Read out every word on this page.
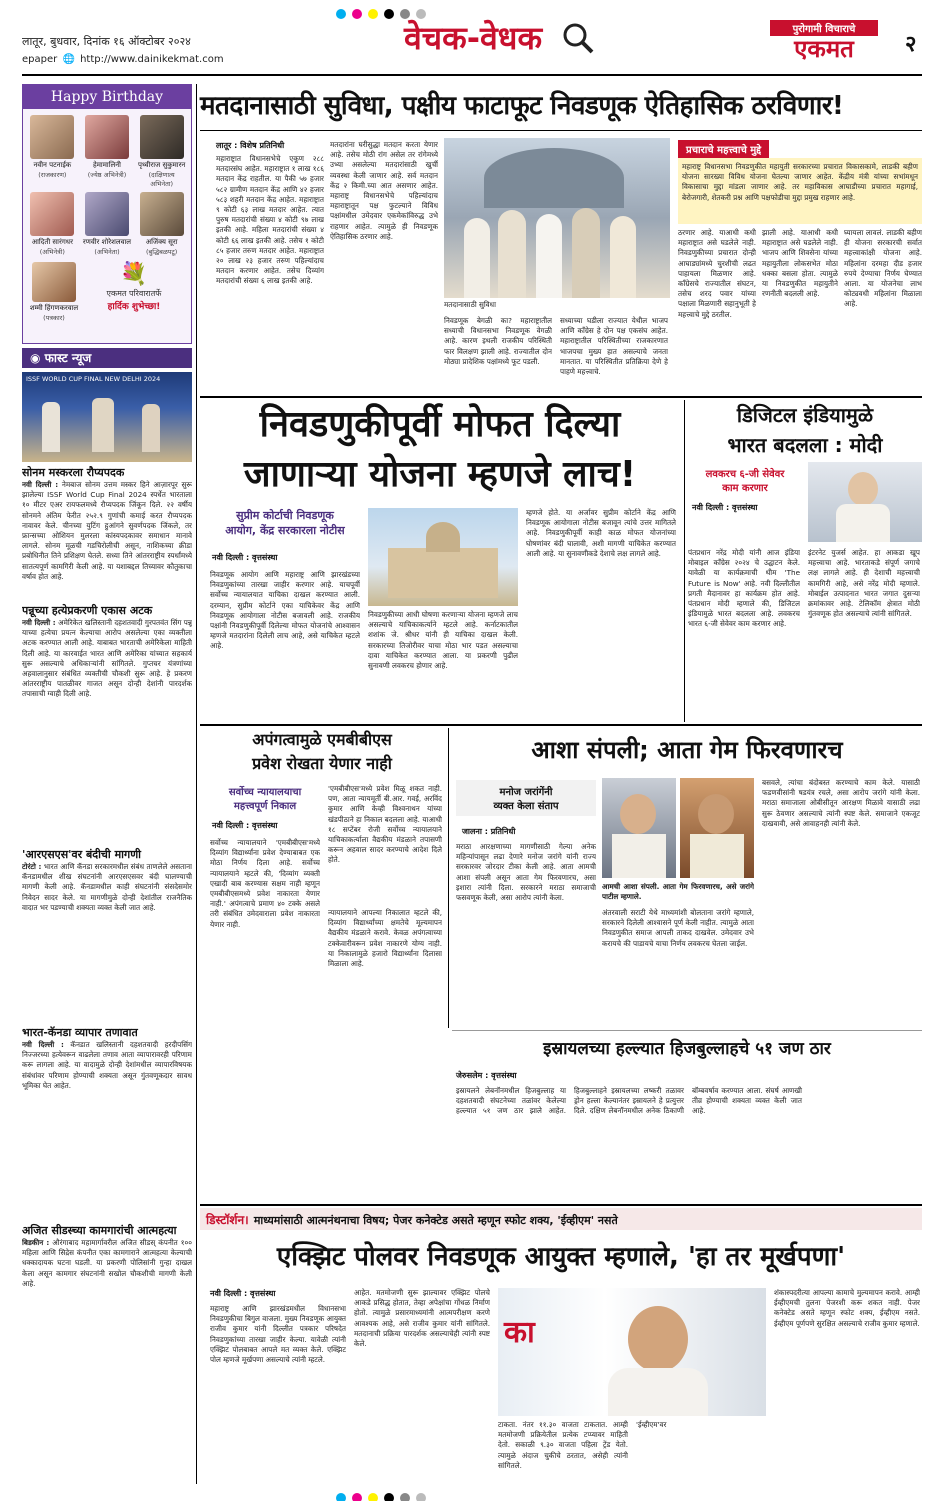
लातूर, बुधवार, दिनांक १६ ऑक्टोबर २०२४
epaper 🌐 http://www.dainikekmat.com
वेचक-वेधक	पुरोगामी विचाराचे
एकमत	२
Happy Birthday
नवीन पटनाईक
(राजकारण)
हेमामालिनी
(ज्येष्ठ अभिनेत्री)
पृथ्वीराज सुकुमारन
(दाक्षिणात्य अभिनेता)
आदिती सारंगधर
(अभिनेत्री)
रणवीर शोरेशलवाल
(अभिनेता)
अजिंक्य सूरा
(बुद्धिबळपटू)
शम्मी हिंगणकरवाल
(पत्रकार)
💐
एकमत परिवारातर्फे
हार्दिक शुभेच्छा!
◉ फास्ट न्यूज
ISSF WORLD CUP FINAL NEW DELHI 2024
सोनम मस्करला रौप्यपदक
नवी दिल्ली : नेमबाज सोनम उत्तम मस्कर हिने आज़ारपूर सुरू झालेल्या ISSF World Cup Final 2024 स्पर्धेत भारताला १० मीटर एअर रायफलमध्ये रौप्यपदक जिंकून दिले. २२ वर्षीय सोनमने अंतिम फेरीत २५२.९ गुणांची कमाई करत रौप्यपदक नावावर केले. चीनच्या युटिंग हुआंगने सुवर्णपदक जिंकले, तर फ्रान्सच्या ओशियन मुलरला कांस्यपदकावर समाधान मानावे लागले. सोनम मूळची गडचिरोलीची असून, नाशिकच्या क्रीडा प्रबोधिनीत तिने प्रशिक्षण घेतले. सध्या तिने आंतरराष्ट्रीय स्पर्धांमध्ये सातत्यपूर्ण कामगिरी केली आहे. या यशाबद्दल तिच्यावर कौतुकाचा वर्षाव होत आहे.
पन्नूच्या हत्येप्रकरणी एकास अटक
नवी दिल्ली : अमेरिकेत खलिस्तानी दहशतवादी गुरपतवंत सिंग पन्नू याच्या हत्येचा प्रयत्न केल्याचा आरोप असलेल्या एका व्यक्तीला अटक करण्यात आली आहे. याबाबत भारताची अमेरिकेला माहिती दिली आहे. या कारवाईत भारत आणि अमेरिका यांच्यात सहकार्य सुरू असल्याचे अधिकाऱ्यांनी सांगितले. गुप्तचर यंत्रणांच्या अहवालानुसार संबंधित व्यक्तीची चौकशी सुरू आहे. हे प्रकरण आंतरराष्ट्रीय पातळीवर गाजत असून दोन्ही देशांनी पारदर्शक तपासाची ग्वाही दिली आहे.
'आरएसएस'वर बंदीची मागणी
टोरंटो : भारत आणि कॅनडा सरकारमधील संबंध ताणलेले असताना कॅनडामधील शीख संघटनांनी आरएसएसवर बंदी घालण्याची मागणी केली आहे. कॅनडामधील काही संघटनांनी संसदेसमोर निवेदन सादर केले. या मागणीमुळे दोन्ही देशांतील राजनैतिक वादात भर पडण्याची शक्यता व्यक्त केली जात आहे.
भारत-कॅनडा व्यापार तणावात
नवी दिल्ली : कॅनडात खलिस्तानी दहशतवादी हरदीपसिंग निज्जरच्या हत्येवरून वाढलेला तणाव आता व्यापारावरही परिणाम करू लागला आहे. या वादामुळे दोन्ही देशांमधील व्यापारविषयक संबंधांवर परिणाम होण्याची शक्यता असून गुंतवणूकदार सावध भूमिका घेत आहेत.
अजित सीडस्च्या कामगारांची आत्महत्या
बिडकीन : औरंगाबाद महामार्गावरील अजित सीडस् कंपनीत १०० महिला आणि सिद्रेस कंपनीत एका कामगाराने आत्महत्या केल्याची धक्कादायक घटना घडली. या प्रकरणी पोलिसांनी गुन्हा दाखल केला असून कामगार संघटनांनी सखोल चौकशीची मागणी केली आहे.
मतदानासाठी सुविधा, पक्षीय फाटाफूट निवडणूक ऐतिहासिक ठरविणार!
लातूर : विशेष प्रतिनिधी
महाराष्ट्रात विधानसभेचे एकूण २८८ मतदारसंघ आहेत. महाराष्ट्रात १ लाख १८६ मतदान केंद्र राहतील. या पैकी ५७ हजार ५८२ ग्रामीण मतदान केंद्र आणि ४२ हजार ५८३ शहरी मतदान केंद्र आहेत. महाराष्ट्रात ९ कोटी ६३ लाख मतदार आहेत. त्यात पुरुष मतदारांची संख्या ४ कोटी ९७ लाख इतकी आहे. महिला मतदारांची संख्या ४ कोटी ६६ लाख इतकी आहे. तसेच १ कोटी ८५ हजार तरुण मतदार आहेत. महाराष्ट्रात २० लाख २३ हजार तरुण पहिल्यांदाच मतदान करणार आहेत. तसेच दिव्यांग मतदारांची संख्या ६ लाख इतकी आहे.
मतदारांना घरीसुद्धा मतदान करता येणार आहे. तसेच मोठी रांग असेल तर रांगेमध्ये उभ्या असलेल्या मतदारांसाठी खुर्ची व्यवस्था केली जाणार आहे. सर्व मतदान केंद्र २ किमी.च्या आत असणार आहेत. महाराष्ट्र विधानसभेचे पहिल्यांदाच महाराष्ट्रातून पक्ष फुटल्याने विविध पक्षांमधील उमेदवार एकमेकांविरुद्ध उभे राहणार आहेत. त्यामुळे ही निवडणूक ऐतिहासिक ठरणार आहे.
मतदानासाठी सुविधा
निवडणूक बेगळी का? महाराष्ट्रातील सध्याची विधानसभा निवडणूक वेगळी आहे. कारण इथली राजकीय परिस्थिती फार विलक्षण झाली आहे. राज्यातील दोन मोठ्या प्रादेशिक पक्षांमध्ये फूट पडली.
सध्याच्या घडीला राज्यात येथील भाजप आणि काँग्रेस हे दोन पक्ष एकसंघ आहेत. महाराष्ट्रातील परिस्थितीच्या राजकारणात भाजपचा मुख्य हात असल्याचे जनता मानतात. या परिस्थितीत प्रतिक्रिया देणे हे पाहणे महत्त्वाचे.
प्रचाराचे महत्त्वाचे मुद्दे
महाराष्ट्र विधानसभा निवडणुकीत महायुती सरकारच्या प्रचारात विकासकामे, लाडकी बहीण योजना सारख्या विविध योजना घेतल्या जाणार आहेत. केंद्रीय मंत्री यांच्या सभांमधून विकासाचा मुद्दा मांडला जाणार आहे. तर महाविकास आघाडीच्या प्रचारात महागाई, बेरोजगारी, शेतकरी प्रश्न आणि पक्षफोडीचा मुद्दा प्रमुख राहणार आहे.
ठरणार आहे. याआधी कधी महाराष्ट्रात असे घडलेले नाही. निवडणुकीच्या प्रचारात दोन्ही आघाड्यांमध्ये चुरशीची लढत पाहायला मिळणार आहे. काँग्रेसचे राज्यातील संघटन, तसेच शरद पवार यांच्या पक्षाला मिळणारी सहानुभूती हे महत्त्वाचे मुद्दे ठरतील.
झाली आहे. याआधी कधी महाराष्ट्रात असे घडलेले नाही. भाजप आणि शिवसेना यांच्या महायुतीला लोकसभेत मोठा धक्का बसला होता. त्यामुळे या निवडणुकीत महायुतीने रणनीती बदलली आहे.
घ्यायला लावलं. लाडकी बहीण ही योजना सरकारची सर्वात महत्त्वाकांक्षी योजना आहे. महिलांना दरमहा दीड हजार रुपये देण्याचा निर्णय घेण्यात आला. या योजनेचा लाभ कोट्यवधी महिलांना मिळाला आहे.
निवडणुकीपूर्वी मोफत दिल्या
जाणाऱ्या योजना म्हणजे लाच!
सुप्रीम कोर्टाची निवडणूक
आयोग, केंद्र सरकारला नोटीस
नवी दिल्ली : वृत्तसंस्था
निवडणूक आयोग आणि महाराष्ट्र आणि झारखंडच्या निवडणुकांच्या तारखा जाहीर करणार आहे. याचपूर्वी सर्वोच्च न्यायालयात याचिका दाखल करण्यात आली. दरम्यान, सुप्रीम कोर्टाने एका याचिकेवर केंद्र आणि निवडणूक आयोगाला नोटीस बजावली आहे. राजकीय पक्षांनी निवडणुकीपूर्वी दिलेल्या मोफत योजनांचे आश्वासन म्हणजे मतदारांना दिलेली लाच आहे, असे याचिकेत म्हटले आहे.
निवडणुकीच्या आधी घोषणा करणाऱ्या योजना म्हणजे लाच असल्याचे याचिकाकर्त्याने म्हटले आहे. कर्नाटकातील शशांक जे. श्रीधर यांनी ही याचिका दाखल केली. सरकारच्या तिजोरीवर याचा मोठा भार पडत असल्याचा दावा याचिकेत करण्यात आला. या प्रकरणी पुढील सुनावणी लवकरच होणार आहे.
म्हणजे होते. या अर्जावर सुप्रीम कोर्टाने केंद्र आणि निवडणूक आयोगाला नोटीस बजावून त्यांचे उत्तर मागितले आहे. निवडणुकीपूर्वी काही काळ मोफत योजनांच्या घोषणांवर बंदी घालावी, अशी मागणी याचिकेत करण्यात आली आहे. या सुनावणीकडे देशाचे लक्ष लागले आहे.
डिजिटल इंडियामुळे
भारत बदलला : मोदी
लवकरच ६-जी सेवेवर
काम करणार
नवी दिल्ली : वृत्तसंस्था
पंतप्रधान नरेंद्र मोदी यांनी आज इंडिया मोबाइल काँग्रेस २०२४ चे उद्घाटन केले. यावेळी या कार्यक्रमाची थीम 'The Future is Now' आहे. नवी दिल्लीतील प्रगती मैदानावर हा कार्यक्रम होत आहे. पंतप्रधान मोदी म्हणाले की, डिजिटल इंडियामुळे भारत बदलला आहे. लवकरच भारत ६-जी सेवेवर काम करणार आहे.
इंटरनेट युजर्स आहेत. हा आकडा खूप महत्त्वाचा आहे. भारताकडे संपूर्ण जगाचे लक्ष लागले आहे. ही देशाची महत्त्वाची कामगिरी आहे, असे नरेंद्र मोदी म्हणाले. मोबाईल उत्पादनात भारत जगात दुसऱ्या क्रमांकावर आहे. टेलिकॉम क्षेत्रात मोठी गुंतवणूक होत असल्याचे त्यांनी सांगितले.
अपंगत्वामुळे एमबीबीएस
प्रवेश रोखता येणार नाही
सर्वोच्च न्यायालयाचा
महत्त्वपूर्ण निकाल
नवी दिल्ली : वृत्तसंस्था
सर्वोच्च न्यायालयाने 'एमबीबीएस'मध्ये दिव्यांग विद्यार्थ्यांना प्रवेश देण्याबाबत एक मोठा निर्णय दिला आहे. सर्वोच्च न्यायालयाने म्हटले की, 'दिव्यांग व्यक्ती एखादी बाब करण्यास सक्षम नाही म्हणून एमबीबीएसमध्ये प्रवेश नाकारता येणार नाही.' अपंगत्वाचे प्रमाण ४० टक्के असले तरी संबंधित उमेदवाराला प्रवेश नाकारता येणार नाही.
'एमबीबीएस'मध्ये प्रवेश मिळू शकत नाही. पण, आता न्यायमूर्ती बी.आर. गवई, अरविंद कुमार आणि केव्ही विश्वनाथन यांच्या खंडपीठाने हा निकाल बदलला आहे. याआधी १८ सप्टेंबर रोजी सर्वोच्च न्यायालयाने याचिकाकर्त्याला वैद्यकीय मंडळाने तपासणी करून अहवाल सादर करण्याचे आदेश दिले होते.
न्यायालयाने आपल्या निकालात म्हटले की, दिव्यांग विद्यार्थ्यांच्या क्षमतेचे मूल्यमापन वैद्यकीय मंडळाने करावे. केवळ अपंगत्वाच्या टक्केवारीवरून प्रवेश नाकारणे योग्य नाही. या निकालामुळे हजारो विद्यार्थ्यांना दिलासा मिळाला आहे.
आशा संपली; आता गेम फिरवणारच
मनोज जरांगेंनी
व्यक्त केला संताप
जालना : प्रतिनिधी
मराठा आरक्षणाच्या मागणीसाठी गेल्या अनेक महिन्यांपासून लढा देणारे मनोज जरांगे यांनी राज्य सरकारवर जोरदार टीका केली आहे. आता आमची आशा संपली असून आता गेम फिरवणारच, असा इशारा त्यांनी दिला. सरकारने मराठा समाजाची फसवणूक केली, असा आरोप त्यांनी केला.
आमची आशा संपली. आता गेम फिरवणारच, असे जरांगे पाटील म्हणाले.
अंतरवाली सराटी येथे माध्यमांशी बोलताना जरांगे म्हणाले, सरकारने दिलेली आश्वासने पूर्ण केली नाहीत. त्यामुळे आता निवडणुकीत समाज आपली ताकद दाखवेल. उमेदवार उभे करायचे की पाडायचे याचा निर्णय लवकरच घेतला जाईल.
बसवले, त्यांचा बंदोबस्त करण्याचे काम केले. यासाठी फडणवीसांनी षडयंत्र रचले, असा आरोप जरांगे यांनी केला. मराठा समाजाला ओबीसीतून आरक्षण मिळावे यासाठी लढा सुरू ठेवणार असल्याचे त्यांनी स्पष्ट केले. समाजाने एकजूट दाखवावी, असे आवाहनही त्यांनी केले.
इस्रायलच्या हल्ल्यात हिजबुल्लाहचे ५१ जण ठार
जेरुसलेम : वृत्तसंस्था
इस्रायलने लेबनॉनमधील हिजबुल्लाह या दहशतवादी संघटनेच्या तळांवर केलेल्या हल्ल्यात ५१ जण ठार झाले आहेत. हिजबुल्लाहने इस्रायलच्या लष्करी तळावर ड्रोन हल्ला केल्यानंतर इस्रायलने हे प्रत्युत्तर दिले. दक्षिण लेबनॉनमधील अनेक ठिकाणी बॉम्बवर्षाव करण्यात आला. संघर्ष आणखी तीव्र होण्याची शक्यता व्यक्त केली जात आहे.
डिस्टॉर्शन। माध्यमांसाठी आत्मनंथनाचा विषय; पेजर कनेक्टेड असते म्हणून स्फोट शक्य, 'ईव्हीएम' नसते
एक्झिट पोलवर निवडणूक आयुक्त म्हणाले, 'हा तर मूर्खपणा'
नवी दिल्ली : वृत्तसंस्था
महाराष्ट्र आणि झारखंडमधील विधानसभा निवडणुकीचा बिगुल वाजला. मुख्य निवडणूक आयुक्त राजीव कुमार यांनी दिल्लीत पत्रकार परिषदेत निवडणुकांच्या तारखा जाहीर केल्या. यावेळी त्यांनी एक्झिट पोलबाबत आपले मत व्यक्त केले. एक्झिट पोल म्हणजे मूर्खपणा असल्याचे त्यांनी म्हटले.
आहेत. मतमोजणी सुरू झाल्यावर एक्झिट पोलचे आकडे प्रसिद्ध होतात, तेव्हा अपेक्षांचा गोंधळ निर्माण होतो. त्यामुळे प्रसारमाध्यमांनी आत्मपरीक्षण करणे आवश्यक आहे, असे राजीव कुमार यांनी सांगितले. मतदानाची प्रक्रिया पारदर्शक असल्याचेही त्यांनी स्पष्ट केले.	का
टाकता. नंतर ११.३० वाजता टाकतात. आम्ही मतमोजणी प्रक्रियेतील प्रत्येक टप्प्यावर माहिती देतो. सकाळी ९.३० वाजता पहिला ट्रेंड येतो. त्यामुळे अंदाज चुकीचे ठरतात, असेही त्यांनी सांगितले.
'ईव्हीएम'वर
शंकास्पदरीत्या आपल्या कामाचे मुल्यमापन करावे. आम्ही ईव्हीएमची तुलना पेजरशी करू शकत नाही. पेजर कनेक्टेड असते म्हणून स्फोट शक्य, ईव्हीएम नसते. ईव्हीएम पूर्णपणे सुरक्षित असल्याचे राजीव कुमार म्हणाले.
